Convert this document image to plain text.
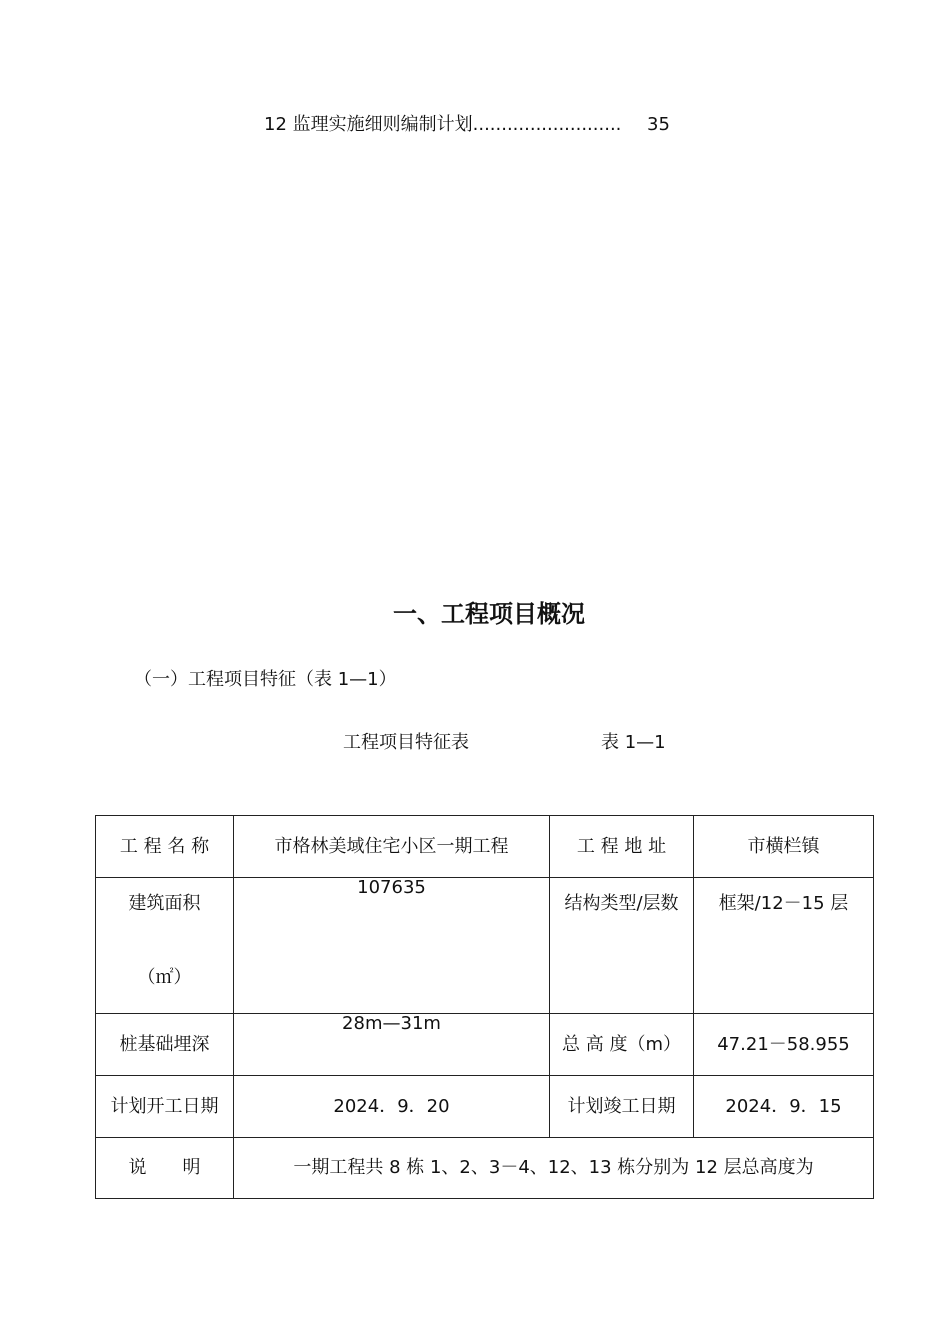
12 监理实施细则编制计划.......................... 35
一、工程项目概况
（一）工程项目特征（表 1—1）
工程项目特征表	表 1—1
工 程 名 称	市格林美域住宅小区一期工程	工 程 地 址	市横栏镇

建筑面积
（㎡）	107635	结构类型/层数	框架/12－15 层

桩基础埋深	28m—31m	总 高 度（m）	47.21－58.955
计划开工日期	2024．9．20	计划竣工日期	2024．9．15
说　　明	一期工程共 8 栋 1、2、3－4、12、13 栋分别为 12 层总高度为		
